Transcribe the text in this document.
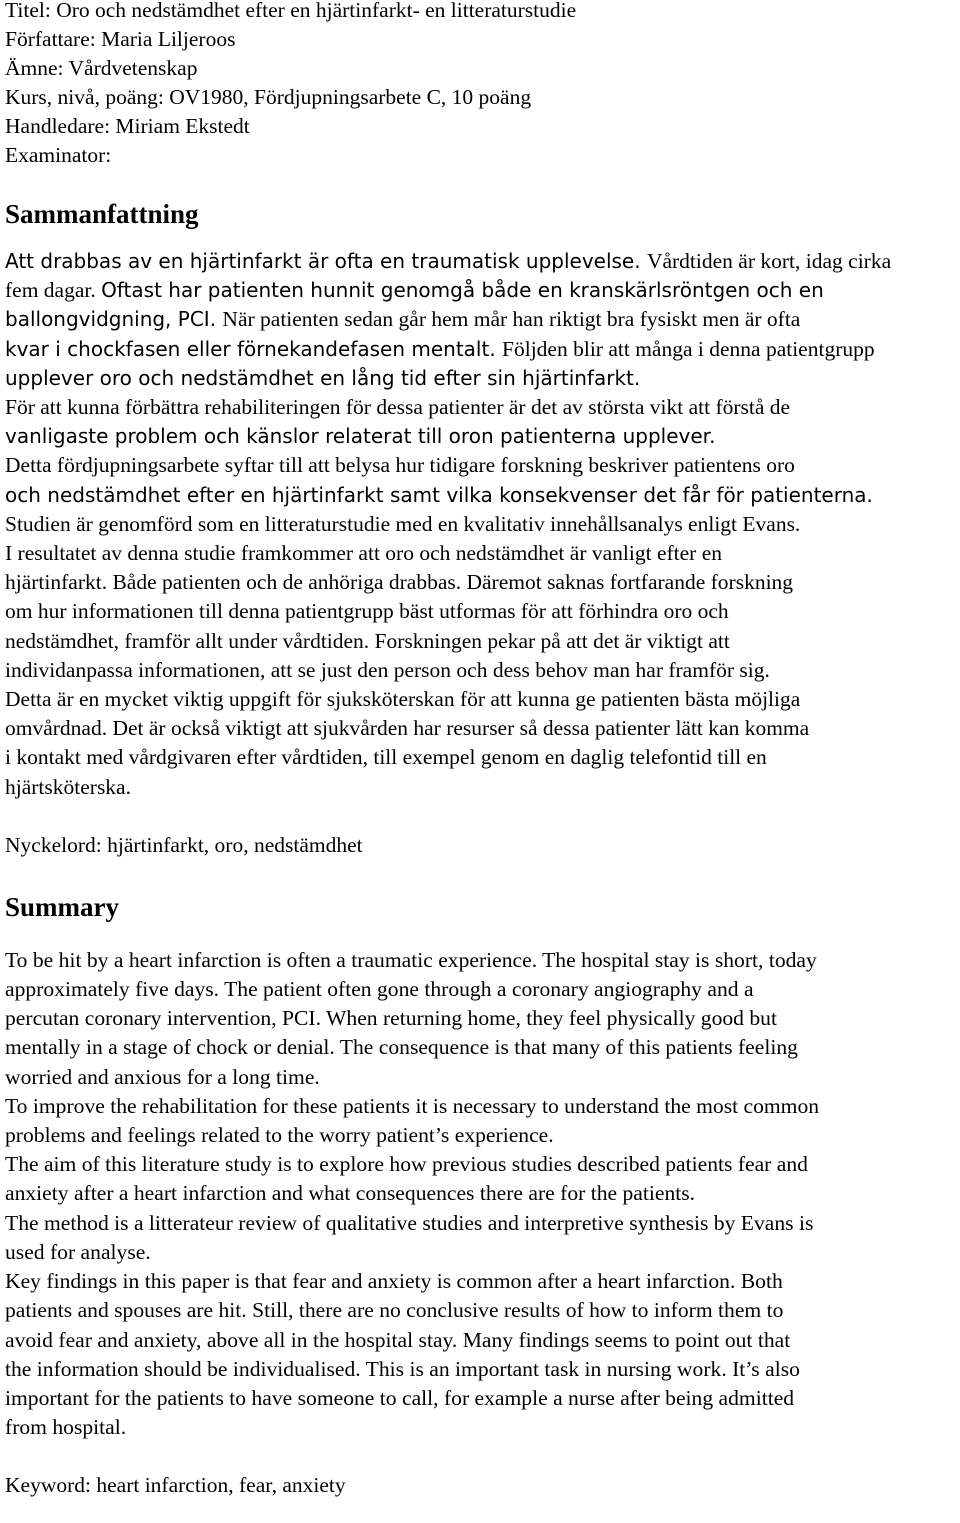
Titel: Oro och nedstämdhet efter en hjärtinfarkt- en litteraturstudie
Författare: Maria Liljeroos
Ämne: Vårdvetenskap
Kurs, nivå, poäng: OV1980, Fördjupningsarbete C, 10 poäng
Handledare: Miriam Ekstedt
Examinator:
Sammanfattning
Att drabbas av en hjärtinfarkt är ofta en traumatisk upplevelse. Vårdtiden är kort, idag cirka
fem dagar. Oftast har patienten hunnit genomgå både en kranskärlsröntgen och en
ballongvidgning, PCI. När patienten sedan går hem mår han riktigt bra fysiskt men är ofta
kvar i chockfasen eller förnekandefasen mentalt. Följden blir att många i denna patientgrupp
upplever oro och nedstämdhet en lång tid efter sin hjärtinfarkt.
För att kunna förbättra rehabiliteringen för dessa patienter är det av största vikt att förstå de
vanligaste problem och känslor relaterat till oron patienterna upplever.
Detta fördjupningsarbete syftar till att belysa hur tidigare forskning beskriver patientens oro
och nedstämdhet efter en hjärtinfarkt samt vilka konsekvenser det får för patienterna.
Studien är genomförd som en litteraturstudie med en kvalitativ innehållsanalys enligt Evans.
I resultatet av denna studie framkommer att oro och nedstämdhet är vanligt efter en
hjärtinfarkt. Både patienten och de anhöriga drabbas. Däremot saknas fortfarande forskning
om hur informationen till denna patientgrupp bäst utformas för att förhindra oro och
nedstämdhet, framför allt under vårdtiden. Forskningen pekar på att det är viktigt att
individanpassa informationen, att se just den person och dess behov man har framför sig.
Detta är en mycket viktig uppgift för sjuksköterskan för att kunna ge patienten bästa möjliga
omvårdnad. Det är också viktigt att sjukvården har resurser så dessa patienter lätt kan komma
i kontakt med vårdgivaren efter vårdtiden, till exempel genom en daglig telefontid till en
hjärtsköterska.
Nyckelord: hjärtinfarkt, oro, nedstämdhet
Summary
To be hit by a heart infarction is often a traumatic experience. The hospital stay is short, today
approximately five days. The patient often gone through a coronary angiography and a
percutan coronary intervention, PCI. When returning home, they feel physically good but
mentally in a stage of chock or denial. The consequence is that many of this patients feeling
worried and anxious for a long time.
To improve the rehabilitation for these patients it is necessary to understand the most common
problems and feelings related to the worry patient’s experience.
The aim of this literature study is to explore how previous studies described patients fear and
anxiety after a heart infarction and what consequences there are for the patients.
The method is a litterateur review of qualitative studies and interpretive synthesis by Evans is
used for analyse.
Key findings in this paper is that fear and anxiety is common after a heart infarction. Both
patients and spouses are hit. Still, there are no conclusive results of how to inform them to
avoid fear and anxiety, above all in the hospital stay. Many findings seems to point out that
the information should be individualised. This is an important task in nursing work. It’s also
important for the patients to have someone to call, for example a nurse after being admitted
from hospital.
Keyword: heart infarction, fear, anxiety
